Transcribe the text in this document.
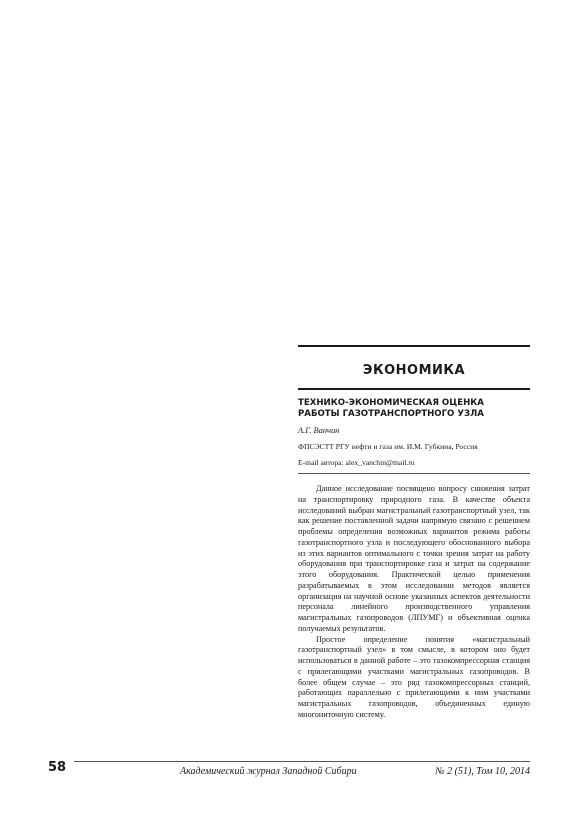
ЭКОНОМИКА
ТЕХНИКО-ЭКОНОМИЧЕСКАЯ ОЦЕНКА
РАБОТЫ ГАЗОТРАНСПОРТНОГО УЗЛА
А.Г. Ванчин
ФПСЭСТТ РГУ нефти и газа им. И.М. Губкина, Россия
E-mail автора: alex_vanchin@mail.ru

Данное исследование посвящено вопросу снижения затрат на транспортировку природного газа. В качестве объекта исследований выбран магистральный газотранспортный узел, так как решение поставленной задачи напрямую связано с решением проблемы определения возможных вариантов режима работы газотранспортного узла и последующего обоснованного выбора из этих вариантов оптимального с точки зрения затрат на работу оборудования при транспортировке газа и затрат на содержание этого оборудования. Практической целью применения разрабатываемых в этом исследовании методов является организация на научной основе указанных аспектов деятельности персонала линейного производственного управления магистральных газопроводов (ЛПУМГ) и объективная оценка получаемых результатов.

Простое определение понятия «магистральный газотранспортный узел» в том смысле, в котором оно будет использоваться в данной работе – это газокомпрессорная станция с прилегающими участками магистральных газопроводов. В более общем случае – это ряд газокомпрессорных станций, работающих параллельно с прилегающими к ним участками магистральных газопроводов, объединенных единую многониточную систему.

58	Академический журнал Западной Сибири	№ 2 (51), Том 10, 2014
